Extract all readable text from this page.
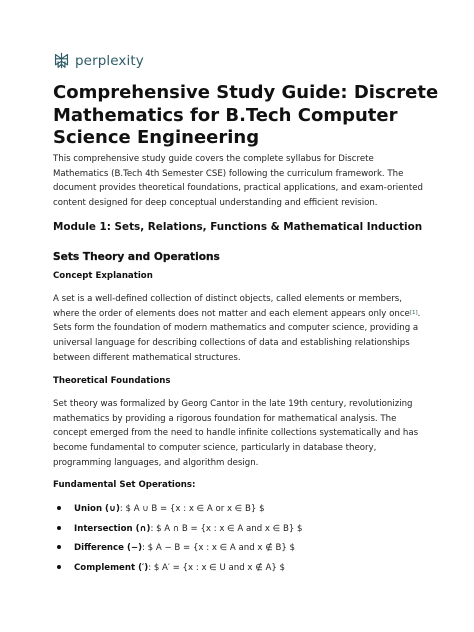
perplexity
Comprehensive Study Guide: Discrete Mathematics for B.Tech Computer Science Engineering

This comprehensive study guide covers the complete syllabus for Discrete Mathematics (B.Tech 4th Semester CSE) following the curriculum framework. The document provides theoretical foundations, practical applications, and exam-oriented content designed for deep conceptual understanding and efficient revision.

Module 1: Sets, Relations, Functions & Mathematical Induction
Sets Theory and Operations
Concept Explanation

A set is a well-defined collection of distinct objects, called elements or members, where the order of elements does not matter and each element appears only once[1]. Sets form the foundation of modern mathematics and computer science, providing a universal language for describing collections of data and establishing relationships between different mathematical structures.

Theoretical Foundations

Set theory was formalized by Georg Cantor in the late 19th century, revolutionizing mathematics by providing a rigorous foundation for mathematical analysis. The concept emerged from the need to handle infinite collections systematically and has become fundamental to computer science, particularly in database theory, programming languages, and algorithm design.

Fundamental Set Operations:
Union (∪): $ A ∪ B = {x : x ∈ A or x ∈ B} $
Intersection (∩): $ A ∩ B = {x : x ∈ A and x ∈ B} $
Difference (−): $ A − B = {x : x ∈ A and x ∉ B} $
Complement (′): $ A′ = {x : x ∈ U and x ∉ A} $
